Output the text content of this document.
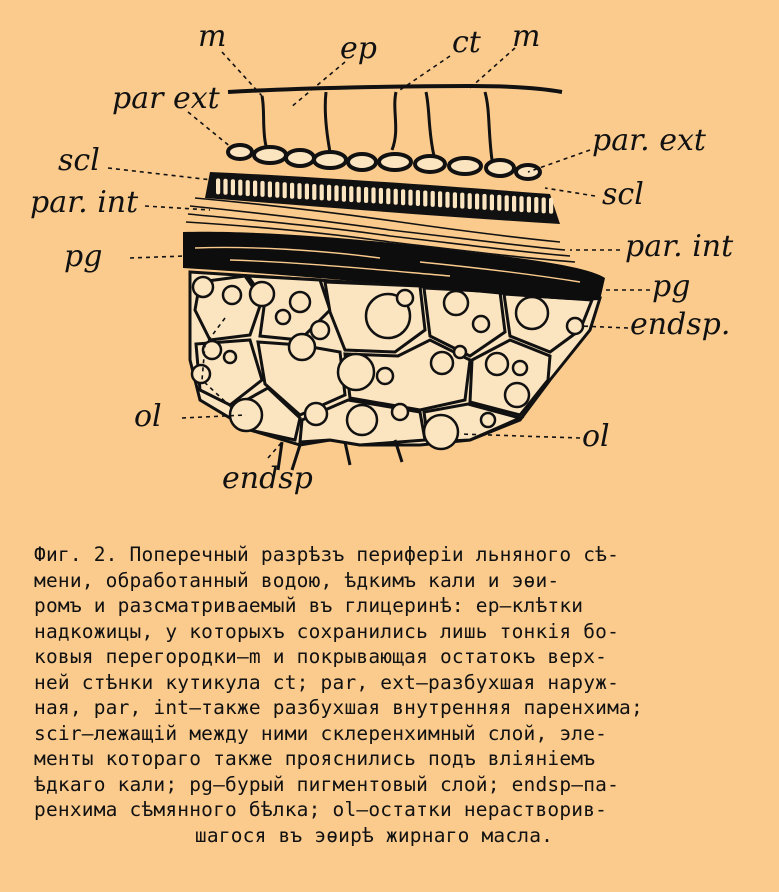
m	ep	ct m
par ext
par. ext
scl
scl
par. int
par. int
pg
pg
endsp.
ol
ol
endsp
Фиг. 2. Поперечный разрѣзъ периферіи льняного сѣ-
мени, обработанный водою, ѣдкимъ кали и эѳи-
ромъ и разсматриваемый въ глицеринѣ: ep—клѣтки
надкожицы, у которыхъ сохранились лишь тонкія бо-
ковыя перегородки—m и покрывающая остатокъ верх-
ней стѣнки кутикула ct; par, ext—разбухшая наруж-
ная, par, int—также разбухшая внутренняя паренхима;
scir—лежащій между ними склеренхимный слой, эле-
менты котораго также прояснились подъ вліяніемъ
ѣдкаго кали; pg—бурый пигментовый слой; endsp—па-
ренхима сѣмянного бѣлка; ol—остатки нерастворив-
шагося въ эѳирѣ жирнаго масла.
